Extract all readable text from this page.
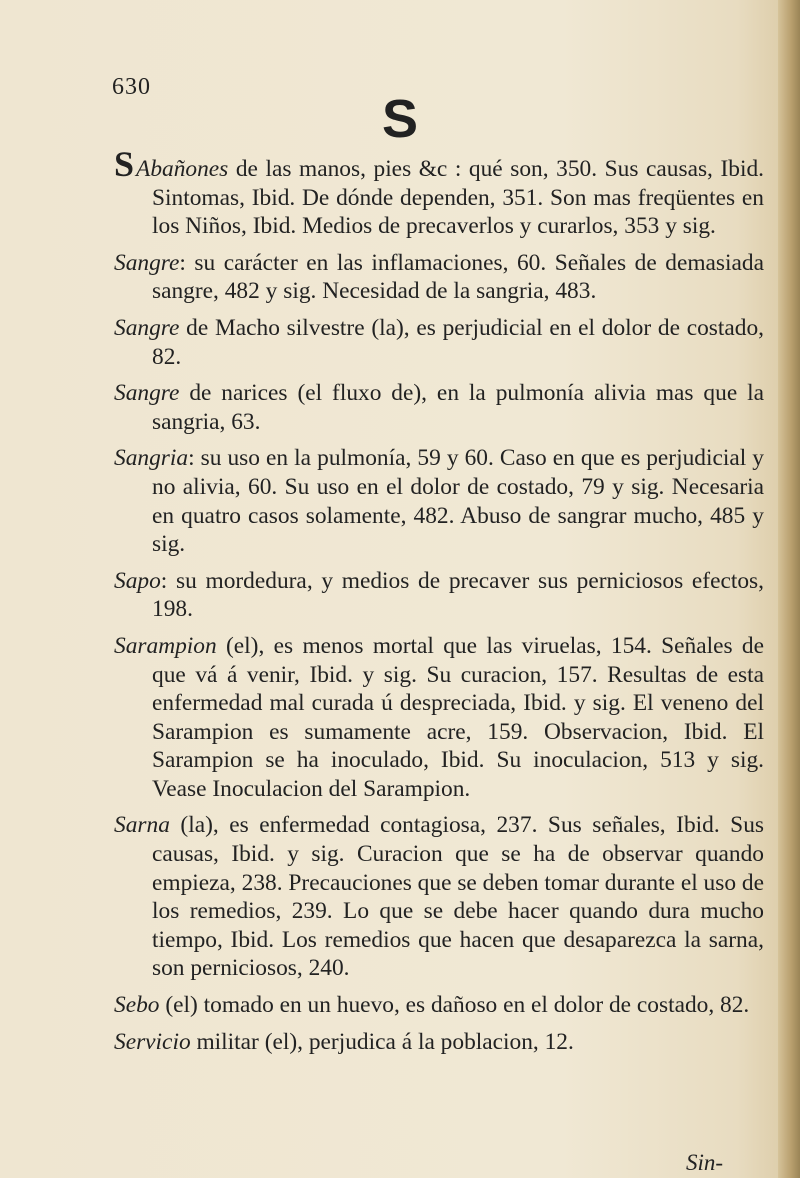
630
S

SAbañones de las manos, pies &c : qué son, 350. Sus causas, Ibid. Sintomas, Ibid. De dónde dependen, 351. Son mas freqüentes en los Niños, Ibid. Medios de precaverlos y curarlos, 353 y sig.

Sangre: su carácter en las inflamaciones, 60. Señales de demasiada sangre, 482 y sig. Necesidad de la sangria, 483.

Sangre de Macho silvestre (la), es perjudicial en el dolor de costado, 82.

Sangre de narices (el fluxo de), en la pulmonía alivia mas que la sangria, 63.

Sangria: su uso en la pulmonía, 59 y 60. Caso en que es perjudicial y no alivia, 60. Su uso en el dolor de costado, 79 y sig. Necesaria en quatro casos solamente, 482. Abuso de sangrar mucho, 485 y sig.

Sapo: su mordedura, y medios de precaver sus perniciosos efectos, 198.

Sarampion (el), es menos mortal que las viruelas, 154. Señales de que vá á venir, Ibid. y sig. Su curacion, 157. Resultas de esta enfermedad mal curada ú despreciada, Ibid. y sig. El veneno del Sarampion es sumamente acre, 159. Observacion, Ibid. El Sarampion se ha inoculado, Ibid. Su inoculacion, 513 y sig. Vease Inoculacion del Sarampion.

Sarna (la), es enfermedad contagiosa, 237. Sus señales, Ibid. Sus causas, Ibid. y sig. Curacion que se ha de observar quando empieza, 238. Precauciones que se deben tomar durante el uso de los remedios, 239. Lo que se debe hacer quando dura mucho tiempo, Ibid. Los remedios que hacen que desaparezca la sarna, son perniciosos, 240.

Sebo (el) tomado en un huevo, es dañoso en el dolor de costado, 82.

Servicio militar (el), perjudica á la poblacion, 12.

Sin-
